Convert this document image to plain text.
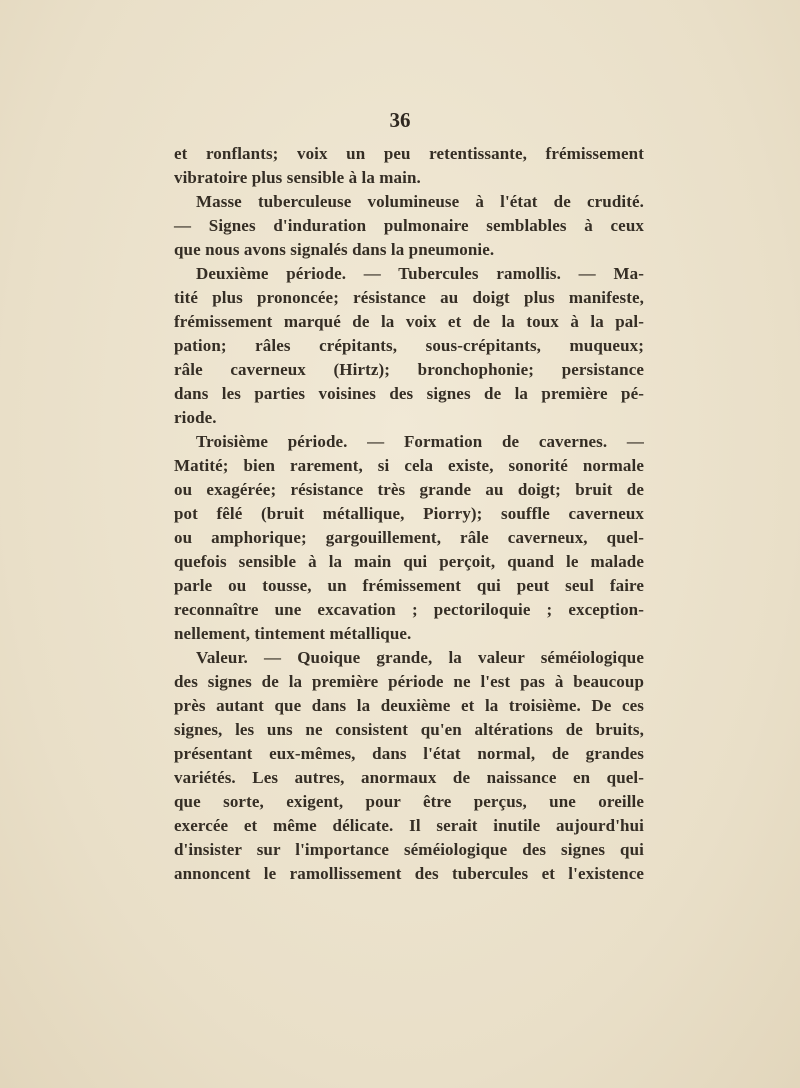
36
et ronflants; voix un peu retentissante, frémissement
vibratoire plus sensible à la main.
Masse tuberculeuse volumineuse à l'état de crudité.
— Signes d'induration pulmonaire semblables à ceux
que nous avons signalés dans la pneumonie.
Deuxième période. — Tubercules ramollis. — Ma-
tité plus prononcée; résistance au doigt plus manifeste,
frémissement marqué de la voix et de la toux à la pal-
pation; râles crépitants, sous-crépitants, muqueux;
râle caverneux (Hirtz); bronchophonie; persistance
dans les parties voisines des signes de la première pé-
riode.
Troisième période. — Formation de cavernes. —
Matité; bien rarement, si cela existe, sonorité normale
ou exagérée; résistance très grande au doigt; bruit de
pot fêlé (bruit métallique, Piorry); souffle caverneux
ou amphorique; gargouillement, râle caverneux, quel-
quefois sensible à la main qui perçoit, quand le malade
parle ou tousse, un frémissement qui peut seul faire
reconnaître une excavation ; pectoriloquie ; exception-
nellement, tintement métallique.
Valeur. — Quoique grande, la valeur séméiologique
des signes de la première période ne l'est pas à beaucoup
près autant que dans la deuxième et la troisième. De ces
signes, les uns ne consistent qu'en altérations de bruits,
présentant eux-mêmes, dans l'état normal, de grandes
variétés. Les autres, anormaux de naissance en quel-
que sorte, exigent, pour être perçus, une oreille
exercée et même délicate. Il serait inutile aujourd'hui
d'insister sur l'importance séméiologique des signes qui
annoncent le ramollissement des tubercules et l'existence
